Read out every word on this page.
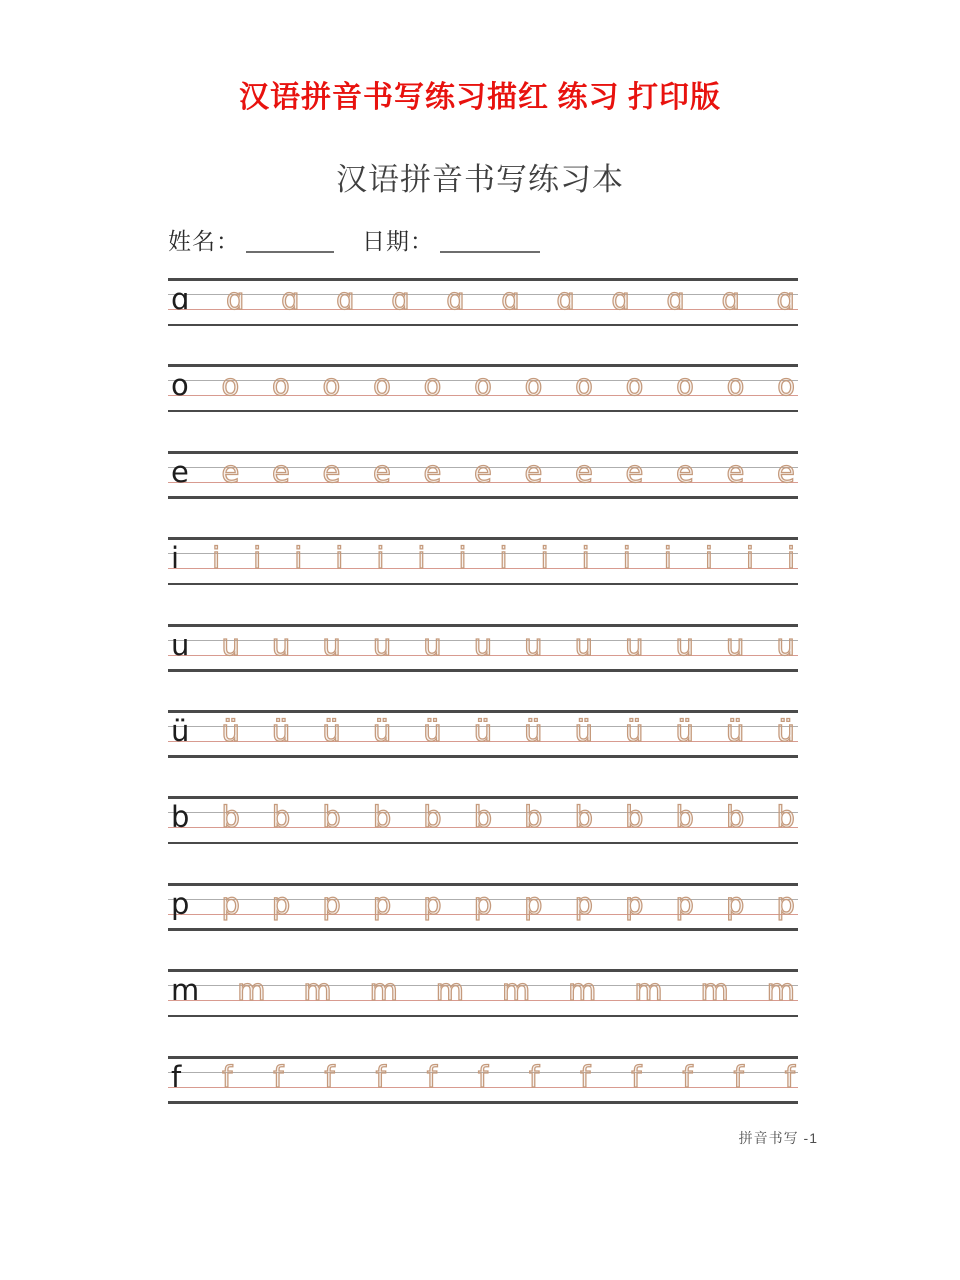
汉语拼音书写练习描红 练习 打印版
汉语拼音书写练习本
姓名：	日期：
ɑ ɑ ɑ ɑ ɑ ɑ ɑ ɑ ɑ ɑ ɑ ɑ
o o o o o o o o o o o o o
e e e e e e e e e e e e e
i i i i i i i i i i i i i i i i
u u u u u u u u u u u u u
ü ü ü ü ü ü ü ü ü ü ü ü ü
b b b b b b b b b b b b b
p p p p p p p p p p p p p
m m m m m m m m m m
f f f f f f f f f f f f f
拼音书写 -1
